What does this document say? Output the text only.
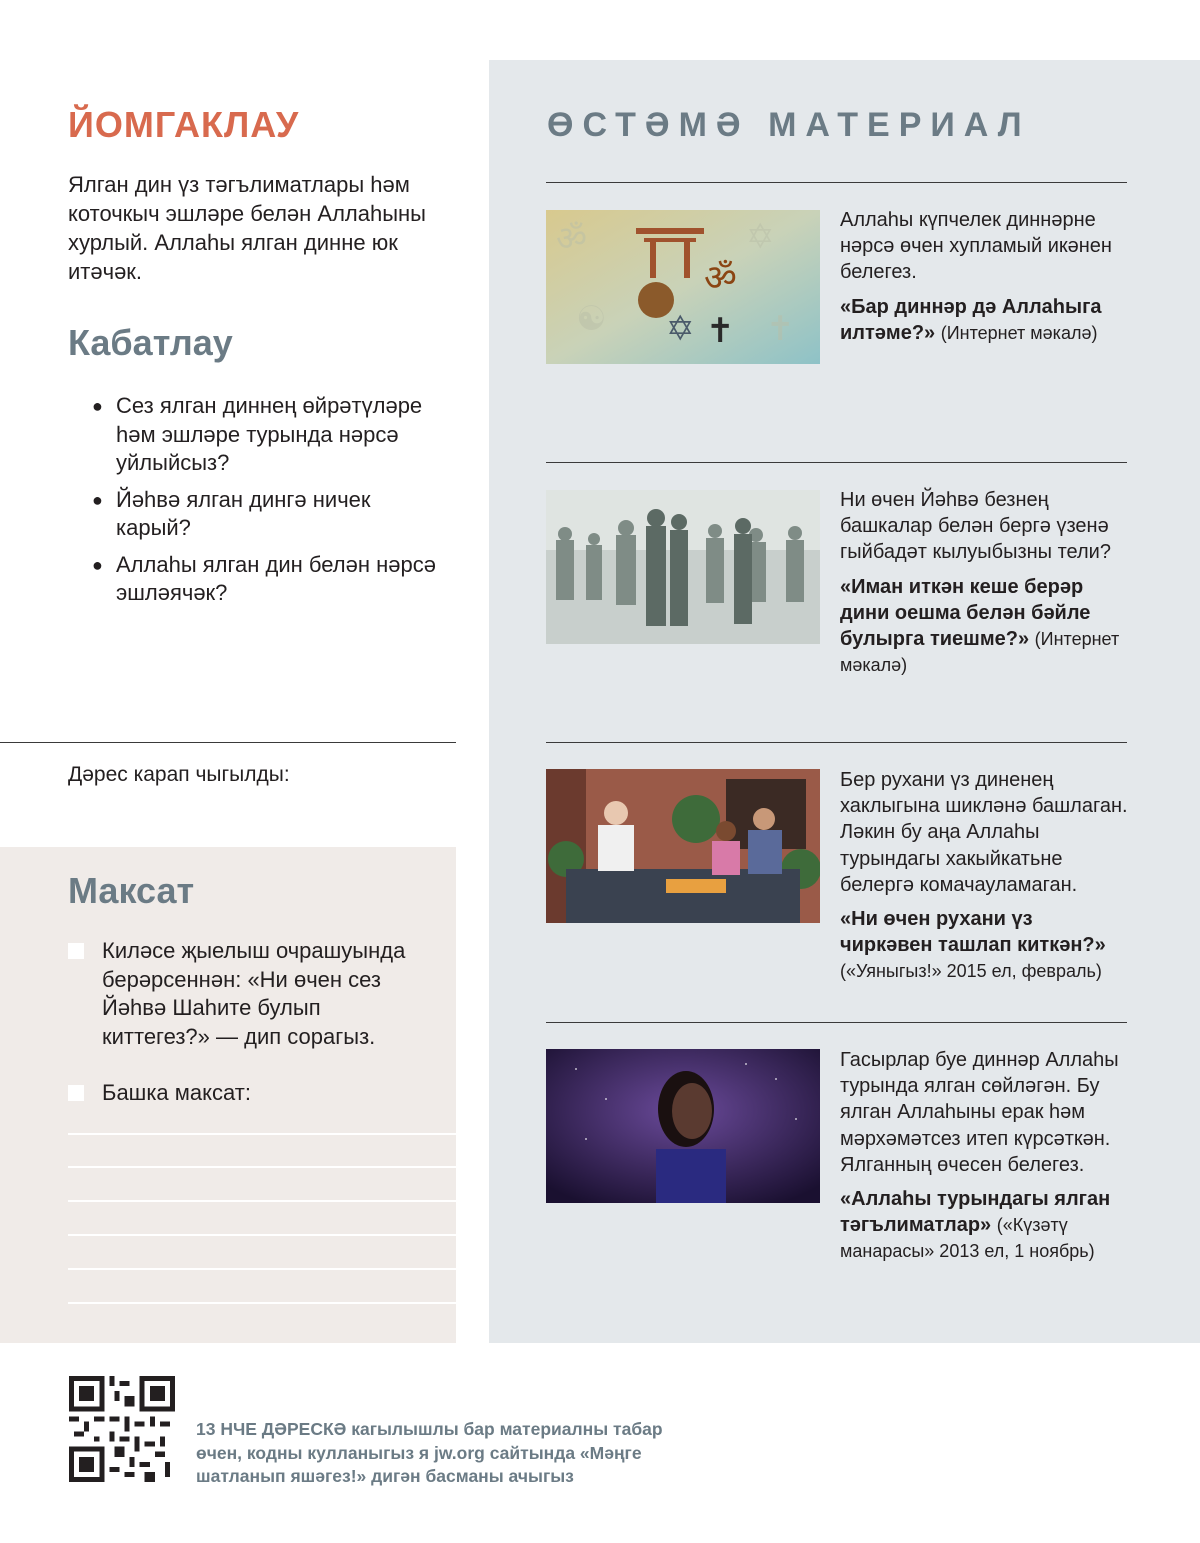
ЙОМГАКЛАУ

Ялган дин үз тәгълиматлары һәм коточкыч эшләре белән Аллаһыны хурлый. Аллаһы ялган динне юк итәчәк.

Кабатлау
● Сез ялган диннең өйрәтүләре һәм эшләре турында нәрсә уйлыйсыз?
● Йәһвә ялган дингә ничек карый?
● Аллаһы ялган дин белән нәрсә эшләячәк?
Дәрес карап чыгылды:
Максат
Киләсе җыелыш очрашуында берәрсеннән: «Ни өчен сез Йәһвә Шаһите булып киттегез?» — дип сорагыз.
Башка максат:
ӨСТӘМӘ МАТЕРИАЛ
ॐ	✡
☯	✝
ॐ
✡ ✝
Аллаһы күпчелек диннәрне нәрсә өчен хупламый икәнен белегез.
«Бар диннәр дә Аллаһыга илтәме?» (Интернет мәкалә)
Ни өчен Йәһвә безнең башкалар белән бергә үзенә гыйбадәт кылуыбызны тели?
«Иман иткән кеше берәр дини оешма белән бәйле булырга тиешме?» (Интернет мәкалә)
Бер рухани үз диненең хаклыгына шикләнә башлаган. Ләкин бу аңа Аллаһы турындагы хакыйкатьне белергә комачауламаган.
«Ни өчен рухани үз чиркәвен ташлап киткән?» («Уяныгыз!» 2015 ел, февраль)
Гасырлар буе диннәр Аллаһы турында ялган сөйләгән. Бу ялган Аллаһыны ерак һәм мәрхәмәтсез итеп күрсәткән. Ялганның өчесен белегез.
«Аллаһы турындагы ялган тәгълиматлар» («Күзәтү манарасы» 2013 ел, 1 ноябрь)
13 НЧЕ ДӘРЕСКӘ кагылышлы бар материалны табар өчен, кодны кулланыгыз я jw.org сайтында «Мәңге шатланып яшәгез!» дигән басманы ачыгыз
